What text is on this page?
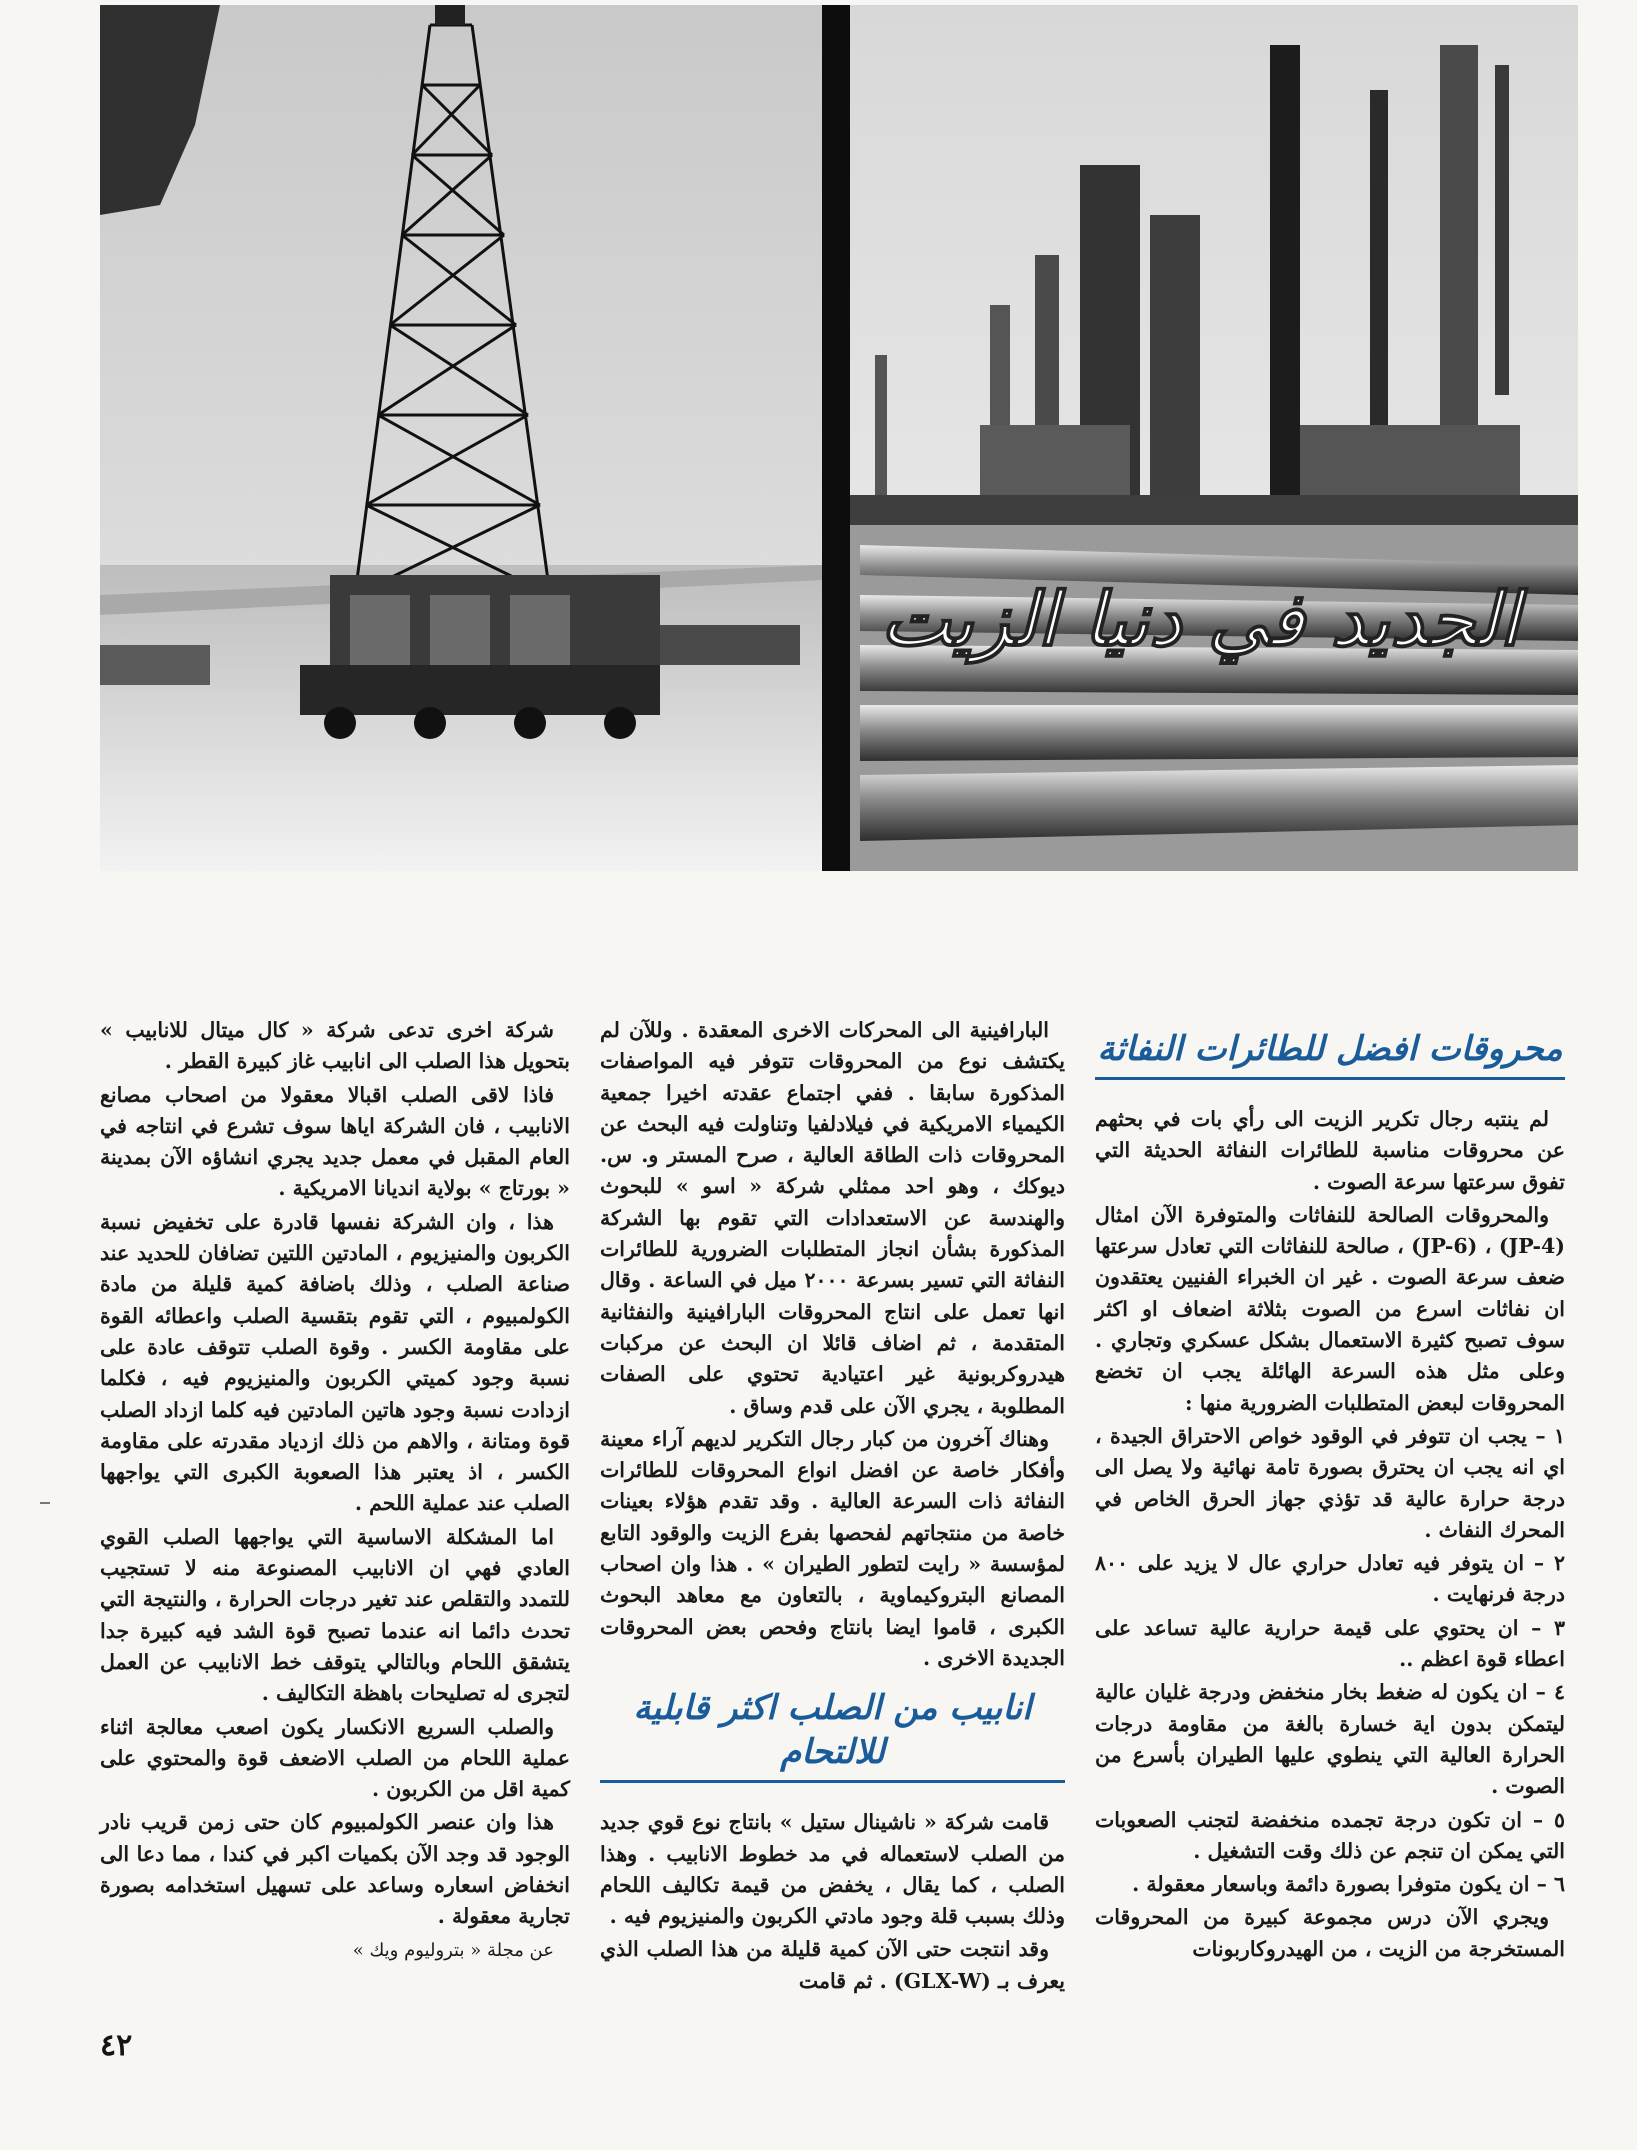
الجديد في دنيا الزيت
محروقات افضل للطائرات النفاثة

لم ينتبه رجال تكرير الزيت الى رأي بات في بحثهم عن محروقات مناسبة للطائرات النفاثة الحديثة التي تفوق سرعتها سرعة الصوت .

والمحروقات الصالحة للنفاثات والمتوفرة الآن امثال (JP-4) ، (JP-6) ، صالحة للنفاثات التي تعادل سرعتها ضعف سرعة الصوت . غير ان الخبراء الفنيين يعتقدون ان نفاثات اسرع من الصوت بثلاثة اضعاف او اكثر سوف تصبح كثيرة الاستعمال بشكل عسكري وتجاري . وعلى مثل هذه السرعة الهائلة يجب ان تخضع المحروقات لبعض المتطلبات الضرورية منها :

١ – يجب ان تتوفر في الوقود خواص الاحتراق الجيدة ، اي انه يجب ان يحترق بصورة تامة نهائية ولا يصل الى درجة حرارة عالية قد تؤذي جهاز الحرق الخاص في المحرك النفاث .

٢ – ان يتوفر فيه تعادل حراري عال لا يزيد على ٨٠٠ درجة فرنهايت .

٣ – ان يحتوي على قيمة حرارية عالية تساعد على اعطاء قوة اعظم ..

٤ – ان يكون له ضغط بخار منخفض ودرجة غليان عالية ليتمكن بدون اية خسارة بالغة من مقاومة درجات الحرارة العالية التي ينطوي عليها الطيران بأسرع من الصوت .

٥ – ان تكون درجة تجمده منخفضة لتجنب الصعوبات التي يمكن ان تنجم عن ذلك وقت التشغيل .

٦ – ان يكون متوفرا بصورة دائمة وباسعار معقولة .

ويجري الآن درس مجموعة كبيرة من المحروقات المستخرجة من الزيت ، من الهيدروكاربونات

البارافينية الى المحركات الاخرى المعقدة . وللآن لم يكتشف نوع من المحروقات تتوفر فيه المواصفات المذكورة سابقا . ففي اجتماع عقدته اخيرا جمعية الكيمياء الامريكية في فيلادلفيا وتناولت فيه البحث عن المحروقات ذات الطاقة العالية ، صرح المستر و. س. ديوكك ، وهو احد ممثلي شركة « اسو » للبحوث والهندسة عن الاستعدادات التي تقوم بها الشركة المذكورة بشأن انجاز المتطلبات الضرورية للطائرات النفاثة التي تسير بسرعة ٢٠٠٠ ميل في الساعة . وقال انها تعمل على انتاج المحروقات البارافينية والنفثانية المتقدمة ، ثم اضاف قائلا ان البحث عن مركبات هيدروكربونية غير اعتيادية تحتوي على الصفات المطلوبة ، يجري الآن على قدم وساق .

وهناك آخرون من كبار رجال التكرير لديهم آراء معينة وأفكار خاصة عن افضل انواع المحروقات للطائرات النفاثة ذات السرعة العالية . وقد تقدم هؤلاء بعينات خاصة من منتجاتهم لفحصها بفرع الزيت والوقود التابع لمؤسسة « رايت لتطور الطيران » . هذا وان اصحاب المصانع البتروكيماوية ، بالتعاون مع معاهد البحوث الكبرى ، قاموا ايضا بانتاج وفحص بعض المحروقات الجديدة الاخرى .

انابيب من الصلب اكثر قابلية للالتحام

قامت شركة « ناشينال ستيل » بانتاج نوع قوي جديد من الصلب لاستعماله في مد خطوط الانابيب . وهذا الصلب ، كما يقال ، يخفض من قيمة تكاليف اللحام وذلك بسبب قلة وجود مادتي الكربون والمنيزيوم فيه .

وقد انتجت حتى الآن كمية قليلة من هذا الصلب الذي يعرف بـ (GLX-W) . ثم قامت

شركة اخرى تدعى شركة « كال ميتال للانابيب » بتحويل هذا الصلب الى انابيب غاز كبيرة القطر .

فاذا لاقى الصلب اقبالا معقولا من اصحاب مصانع الانابيب ، فان الشركة اياها سوف تشرع في انتاجه في العام المقبل في معمل جديد يجري انشاؤه الآن بمدينة « بورتاج » بولاية انديانا الامريكية .

هذا ، وان الشركة نفسها قادرة على تخفيض نسبة الكربون والمنيزيوم ، المادتين اللتين تضافان للحديد عند صناعة الصلب ، وذلك باضافة كمية قليلة من مادة الكولمبيوم ، التي تقوم بتقسية الصلب واعطائه القوة على مقاومة الكسر . وقوة الصلب تتوقف عادة على نسبة وجود كميتي الكربون والمنيزيوم فيه ، فكلما ازدادت نسبة وجود هاتين المادتين فيه كلما ازداد الصلب قوة ومتانة ، والاهم من ذلك ازدياد مقدرته على مقاومة الكسر ، اذ يعتبر هذا الصعوبة الكبرى التي يواجهها الصلب عند عملية اللحم .

اما المشكلة الاساسية التي يواجهها الصلب القوي العادي فهي ان الانابيب المصنوعة منه لا تستجيب للتمدد والتقلص عند تغير درجات الحرارة ، والنتيجة التي تحدث دائما انه عندما تصبح قوة الشد فيه كبيرة جدا يتشقق اللحام وبالتالي يتوقف خط الانابيب عن العمل لتجرى له تصليحات باهظة التكاليف .

والصلب السريع الانكسار يكون اصعب معالجة اثناء عملية اللحام من الصلب الاضعف قوة والمحتوي على كمية اقل من الكربون .

هذا وان عنصر الكولمبيوم كان حتى زمن قريب نادر الوجود قد وجد الآن بكميات اكبر في كندا ، مما دعا الى انخفاض اسعاره وساعد على تسهيل استخدامه بصورة تجارية معقولة .

عن مجلة « بتروليوم ويك »

٤٢
